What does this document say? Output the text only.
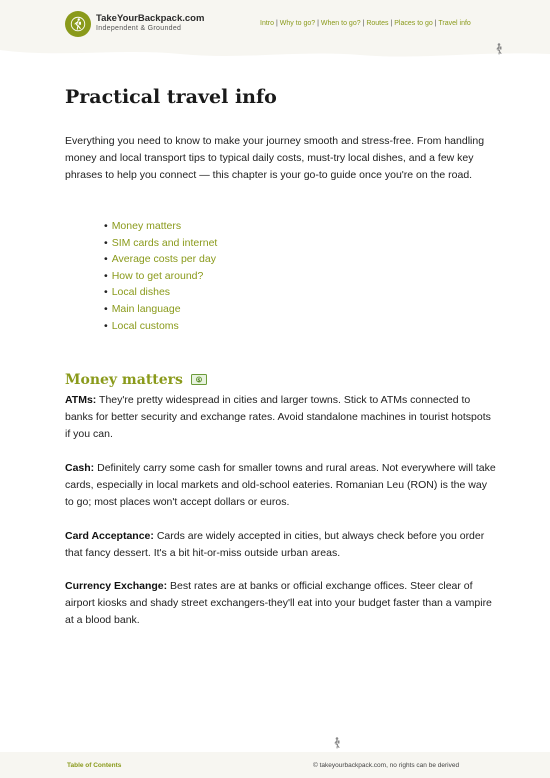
TakeYourBackpack.com
Independent & Grounded
Intro | Why to go? | When to go? | Routes | Places to go | Travel info
Practical travel info

Everything you need to know to make your journey smooth and stress-free. From handling money and local transport tips to typical daily costs, must-try local dishes, and a few key phrases to help you connect — this chapter is your go-to guide once you're on the road.

• Money matters
• SIM cards and internet
• Average costs per day
• How to get around?
• Local dishes
• Main language
• Local customs
Money matters	$

ATMs: They're pretty widespread in cities and larger towns. Stick to ATMs connected to banks for better security and exchange rates. Avoid standalone machines in tourist hotspots if you can.

Cash: Definitely carry some cash for smaller towns and rural areas. Not everywhere will take cards, especially in local markets and old-school eateries. Romanian Leu (RON) is the way to go; most places won't accept dollars or euros.

Card Acceptance: Cards are widely accepted in cities, but always check before you order that fancy dessert. It's a bit hit-or-miss outside urban areas.

Currency Exchange: Best rates are at banks or official exchange offices. Steer clear of airport kiosks and shady street exchangers-they'll eat into your budget faster than a vampire at a blood bank.

Table of Contents	© takeyourbackpack.com, no rights can be derived
